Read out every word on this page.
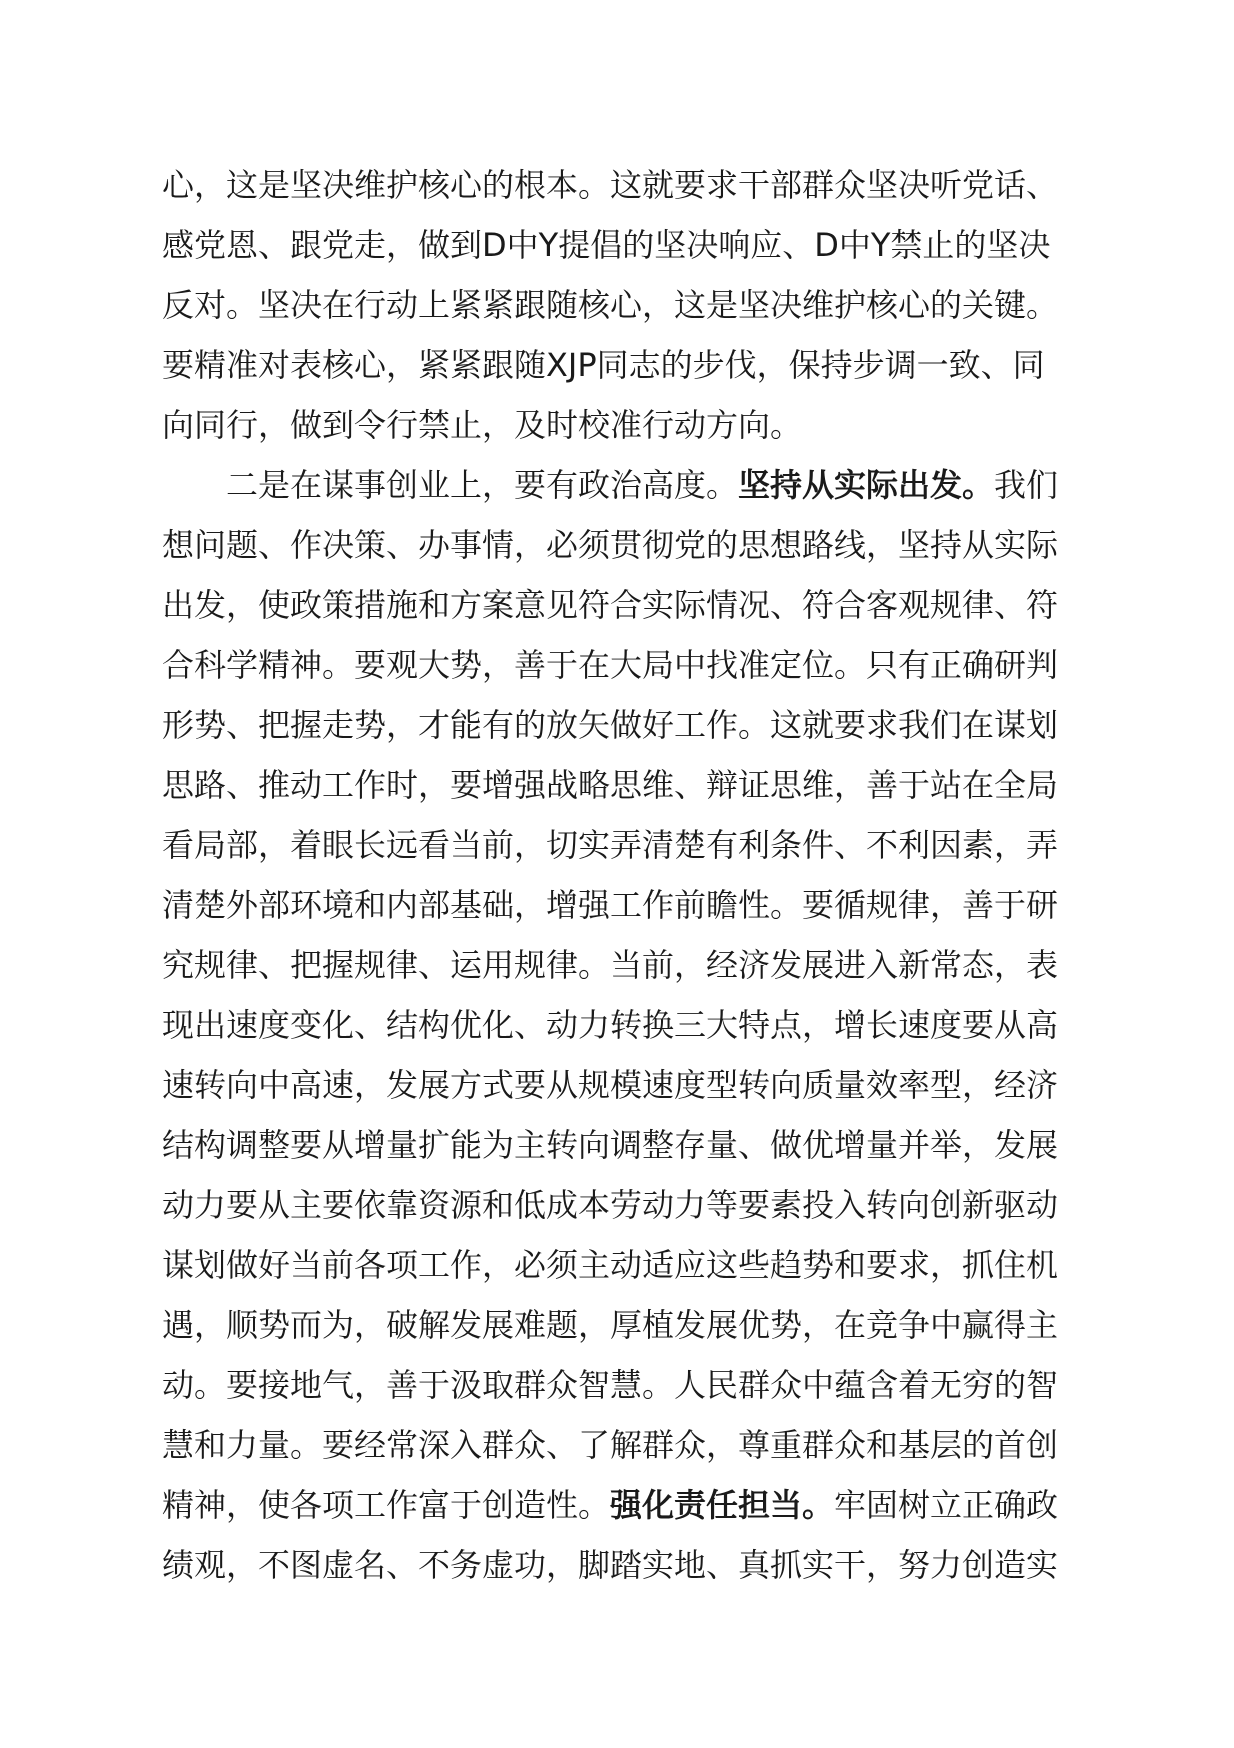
心，这是坚决维护核心的根本。这就要求干部群众坚决听党话、
感党恩、跟党走，做到D中Y提倡的坚决响应、D中Y禁止的坚决
反对。坚决在行动上紧紧跟随核心，这是坚决维护核心的关键。
要精准对表核心，紧紧跟随XJP同志的步伐，保持步调一致、同
向同行，做到令行禁止，及时校准行动方向。
二是在谋事创业上，要有政治高度。坚持从实际出发。我们
想问题、作决策、办事情，必须贯彻党的思想路线，坚持从实际
出发，使政策措施和方案意见符合实际情况、符合客观规律、符
合科学精神。要观大势，善于在大局中找准定位。只有正确研判
形势、把握走势，才能有的放矢做好工作。这就要求我们在谋划
思路、推动工作时，要增强战略思维、辩证思维，善于站在全局
看局部，着眼长远看当前，切实弄清楚有利条件、不利因素，弄
清楚外部环境和内部基础，增强工作前瞻性。要循规律，善于研
究规律、把握规律、运用规律。当前，经济发展进入新常态，表
现出速度变化、结构优化、动力转换三大特点，增长速度要从高
速转向中高速，发展方式要从规模速度型转向质量效率型，经济
结构调整要从增量扩能为主转向调整存量、做优增量并举，发展
动力要从主要依靠资源和低成本劳动力等要素投入转向创新驱动
谋划做好当前各项工作，必须主动适应这些趋势和要求，抓住机
遇，顺势而为，破解发展难题，厚植发展优势，在竞争中赢得主
动。要接地气，善于汲取群众智慧。人民群众中蕴含着无穷的智
慧和力量。要经常深入群众、了解群众，尊重群众和基层的首创
精神，使各项工作富于创造性。强化责任担当。牢固树立正确政
绩观，不图虚名、不务虚功，脚踏实地、真抓实干，努力创造实
